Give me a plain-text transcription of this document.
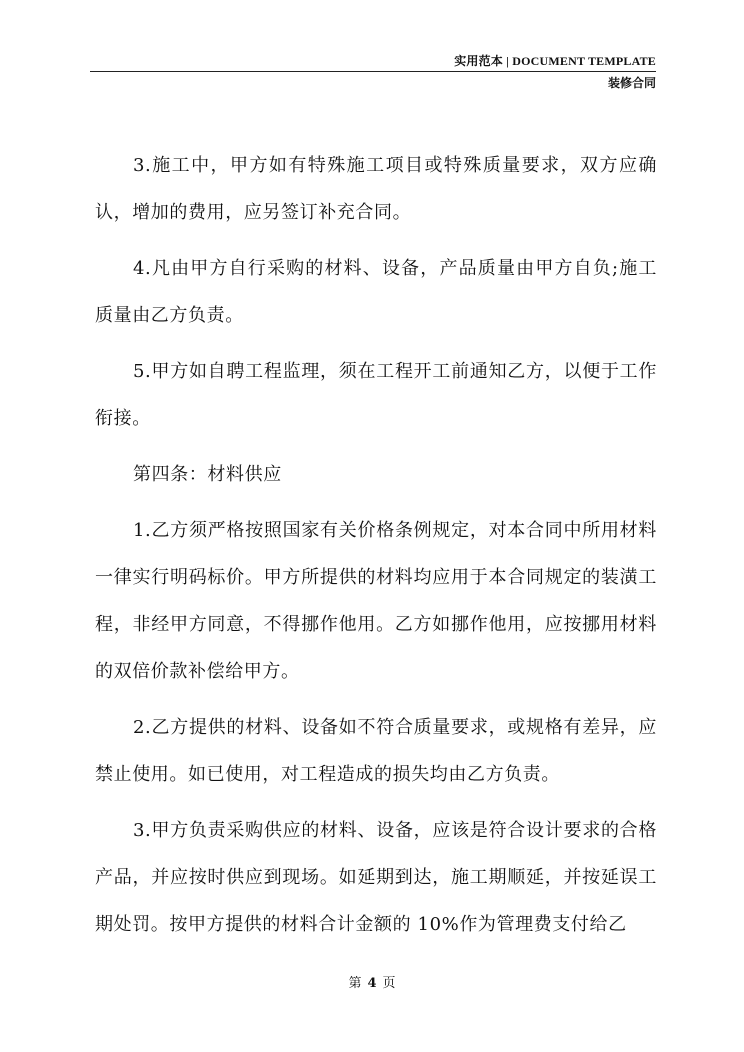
实用范本 | DOCUMENT TEMPLATE
装修合同

3.施工中，甲方如有特殊施工项目或特殊质量要求，双方应确认，增加的费用，应另签订补充合同。

4.凡由甲方自行采购的材料、设备，产品质量由甲方自负;施工质量由乙方负责。

5.甲方如自聘工程监理，须在工程开工前通知乙方，以便于工作衔接。

第四条：材料供应

1.乙方须严格按照国家有关价格条例规定，对本合同中所用材料一律实行明码标价。甲方所提供的材料均应用于本合同规定的装潢工程，非经甲方同意，不得挪作他用。乙方如挪作他用，应按挪用材料的双倍价款补偿给甲方。

2.乙方提供的材料、设备如不符合质量要求，或规格有差异，应禁止使用。如已使用，对工程造成的损失均由乙方负责。

3.甲方负责采购供应的材料、设备，应该是符合设计要求的合格产品，并应按时供应到现场。如延期到达，施工期顺延，并按延误工期处罚。按甲方提供的材料合计金额的 10%作为管理费支付给乙

第 4 页
